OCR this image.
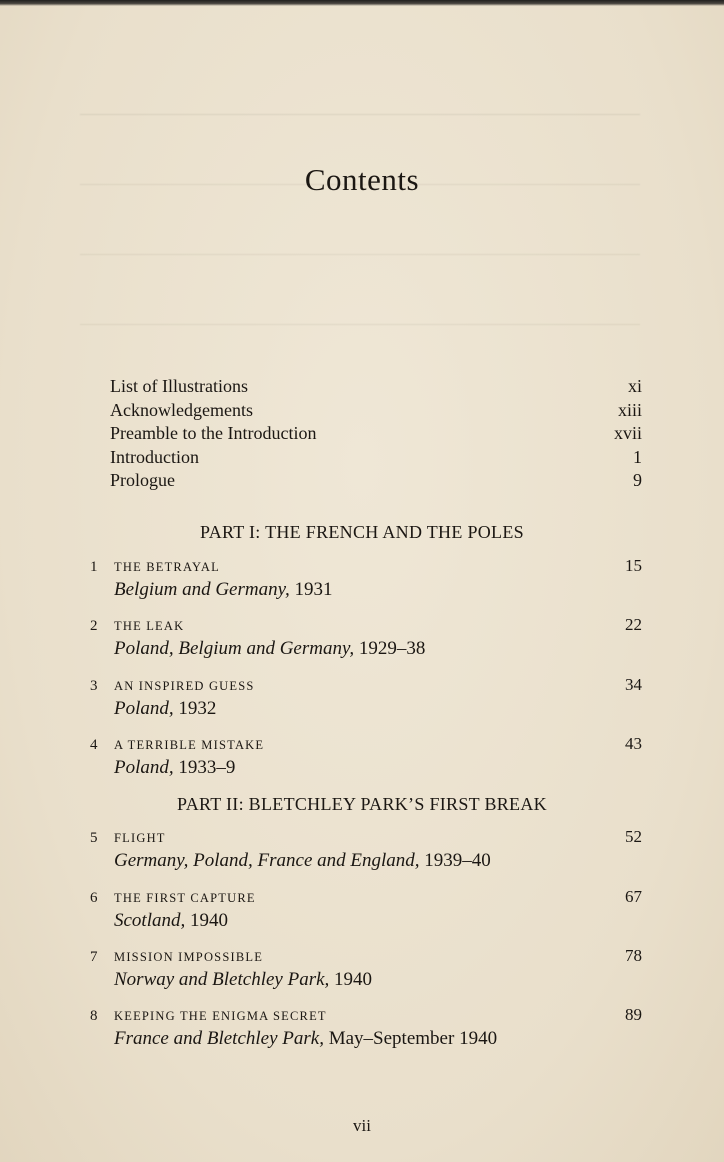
Contents
List of Illustrations	xi
Acknowledgements	xiii
Preamble to the Introduction	xvii
Introduction	1
Prologue	9
PART I: THE FRENCH AND THE POLES
1	THE BETRAYAL	15
Belgium and Germany, 1931
2	THE LEAK	22
Poland, Belgium and Germany, 1929–38
3	AN INSPIRED GUESS	34
Poland, 1932
4	A TERRIBLE MISTAKE	43
Poland, 1933–9
PART II: BLETCHLEY PARK’S FIRST BREAK
5	FLIGHT	52
Germany, Poland, France and England, 1939–40
6	THE FIRST CAPTURE	67
Scotland, 1940
7	MISSION IMPOSSIBLE	78
Norway and Bletchley Park, 1940
8	KEEPING THE ENIGMA SECRET	89
France and Bletchley Park, May–September 1940
vii
